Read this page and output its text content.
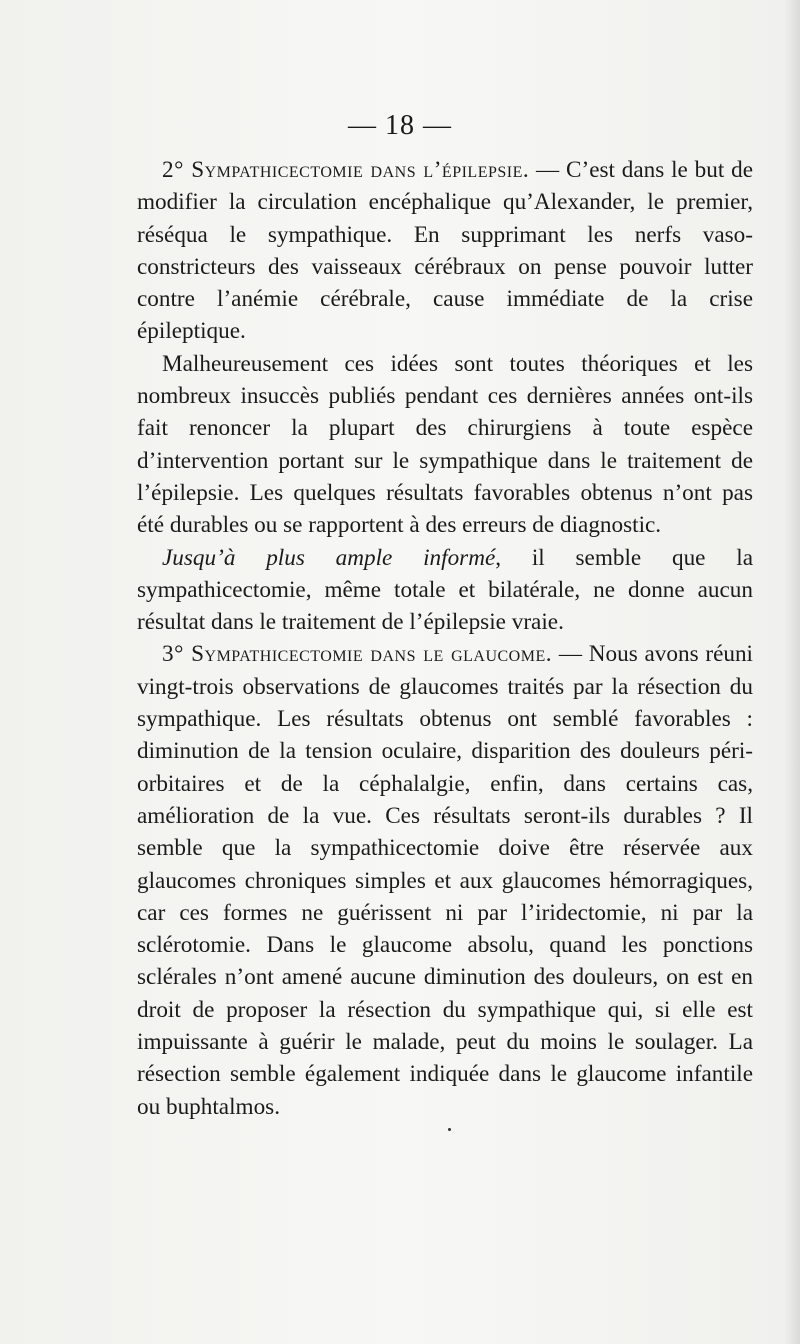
— 18 —

2° Sympathicectomie dans l’épilepsie. — C’est dans le but de modifier la circulation encéphalique qu’Alexander, le premier, réséqua le sympathique. En supprimant les nerfs vaso-constricteurs des vaisseaux cérébraux on pense pouvoir lutter contre l’anémie cérébrale, cause immédiate de la crise épileptique.

Malheureusement ces idées sont toutes théoriques et les nombreux insuccès publiés pendant ces dernières années ont-ils fait renoncer la plupart des chirurgiens à toute espèce d’intervention portant sur le sympathique dans le traitement de l’épilepsie. Les quelques résultats favorables obtenus n’ont pas été durables ou se rapportent à des erreurs de diagnostic.

Jusqu’à plus ample informé, il semble que la sympathicectomie, même totale et bilatérale, ne donne aucun résultat dans le traitement de l’épilepsie vraie.

3° Sympathicectomie dans le glaucome. — Nous avons réuni vingt-trois observations de glaucomes traités par la résection du sympathique. Les résultats obtenus ont semblé favorables : diminution de la tension oculaire, disparition des douleurs péri-orbitaires et de la céphalalgie, enfin, dans certains cas, amélioration de la vue. Ces résultats seront-ils durables ? Il semble que la sympathicectomie doive être réservée aux glaucomes chroniques simples et aux glaucomes hémorragiques, car ces formes ne guérissent ni par l’iridectomie, ni par la sclérotomie. Dans le glaucome absolu, quand les ponctions sclérales n’ont amené aucune diminution des douleurs, on est en droit de proposer la résection du sympathique qui, si elle est impuissante à guérir le malade, peut du moins le soulager. La résection semble également indiquée dans le glaucome infantile ou buphtalmos.
